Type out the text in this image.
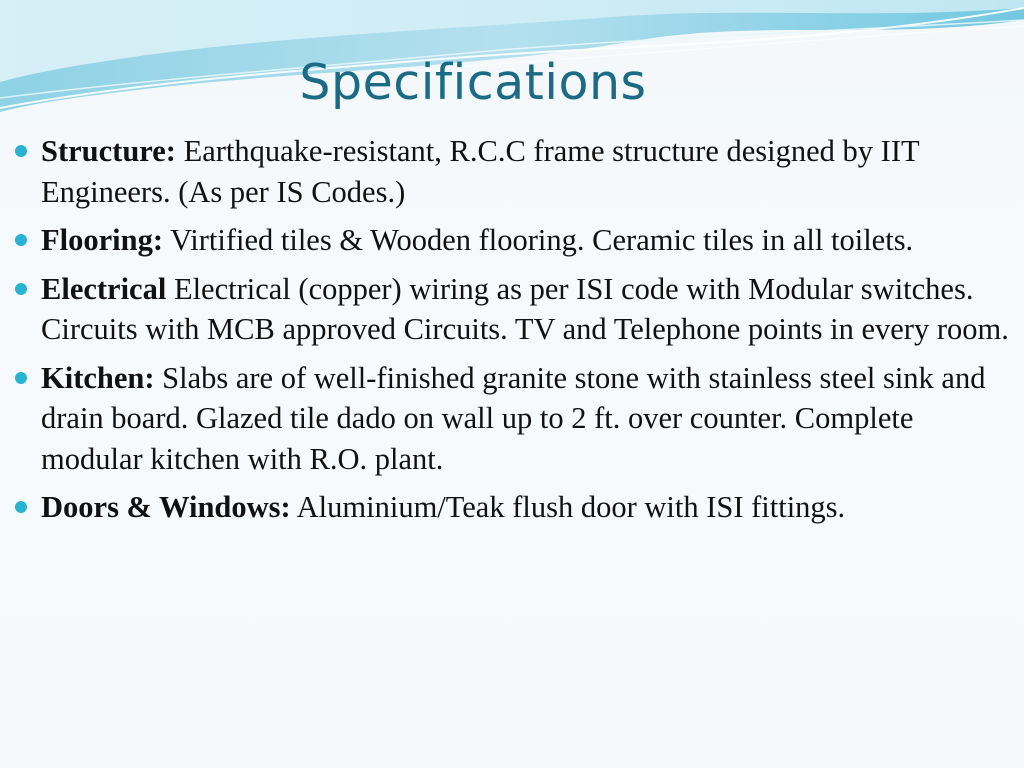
Specifications
Structure: Earthquake-resistant, R.C.C frame structure designed by IIT Engineers. (As per IS Codes.)
Flooring: Virtified tiles & Wooden flooring. Ceramic tiles in all toilets.
Electrical Electrical (copper) wiring as per ISI code with Modular switches. Circuits with MCB approved Circuits. TV and Telephone points in every room.
Kitchen: Slabs are of well-finished granite stone with stainless steel sink and drain board. Glazed tile dado on wall up to 2 ft. over counter. Complete modular kitchen with R.O. plant.
Doors & Windows: Aluminium/Teak flush door with ISI fittings.
